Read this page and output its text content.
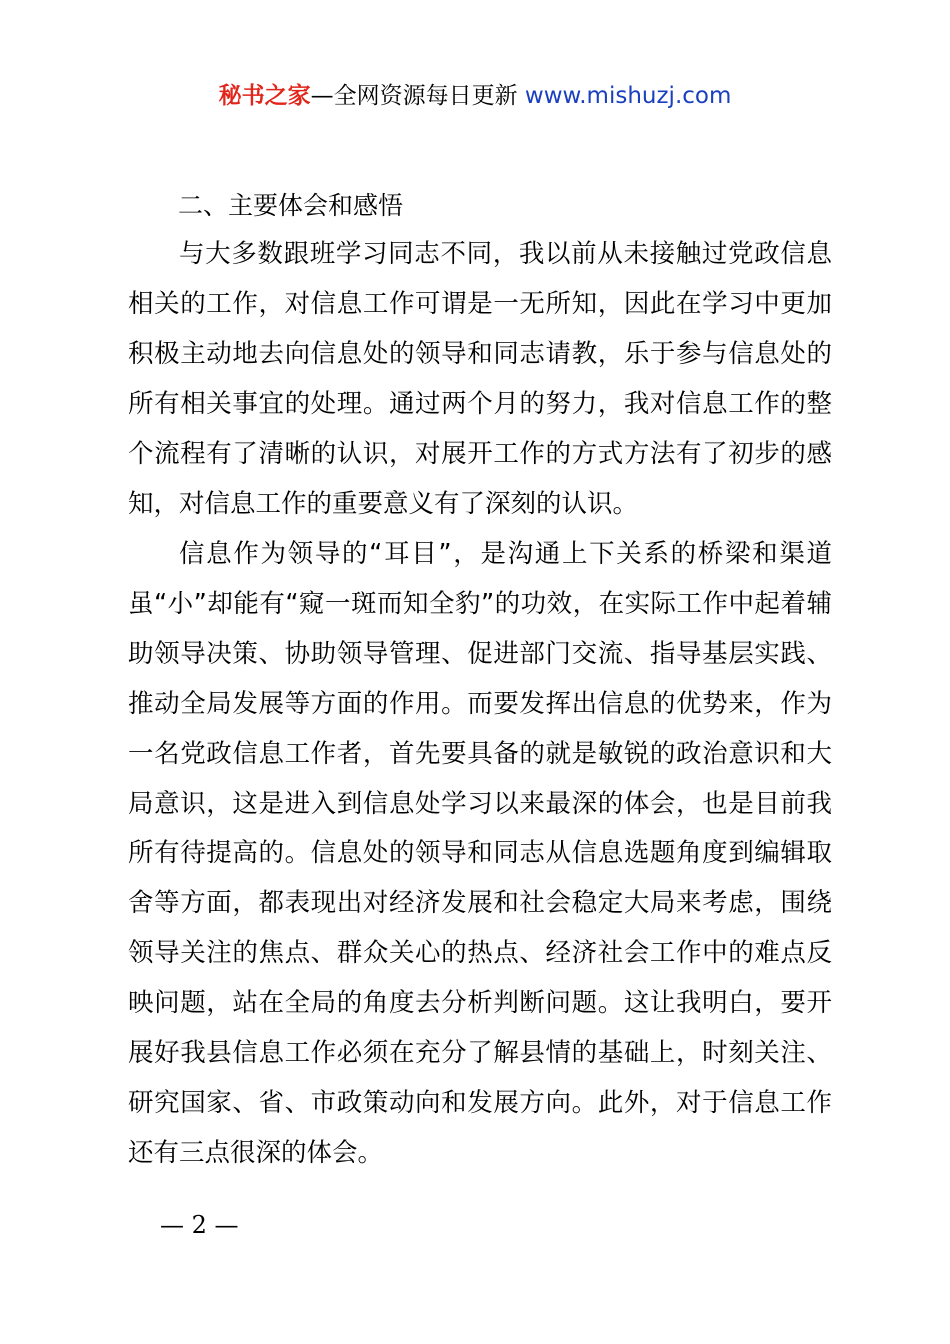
秘书之家—全网资源每日更新 www.mishuzj.com
二、主要体会和感悟

与大多数跟班学习同志不同，我以前从未接触过党政信息相关的工作，对信息工作可谓是一无所知，因此在学习中更加积极主动地去向信息处的领导和同志请教，乐于参与信息处的所有相关事宜的处理。通过两个月的努力，我对信息工作的整个流程有了清晰的认识，对展开工作的方式方法有了初步的感知，对信息工作的重要意义有了深刻的认识。

信息作为领导的“耳目”，是沟通上下关系的桥梁和渠道虽“小”却能有“窥一斑而知全豹”的功效，在实际工作中起着辅助领导决策、协助领导管理、促进部门交流、指导基层实践、推动全局发展等方面的作用。而要发挥出信息的优势来，作为一名党政信息工作者，首先要具备的就是敏锐的政治意识和大局意识，这是进入到信息处学习以来最深的体会，也是目前我所有待提高的。信息处的领导和同志从信息选题角度到编辑取舍等方面，都表现出对经济发展和社会稳定大局来考虑，围绕领导关注的焦点、群众关心的热点、经济社会工作中的难点反映问题，站在全局的角度去分析判断问题。这让我明白，要开展好我县信息工作必须在充分了解县情的基础上，时刻关注、研究国家、省、市政策动向和发展方向。此外，对于信息工作还有三点很深的体会。

— 2 —
